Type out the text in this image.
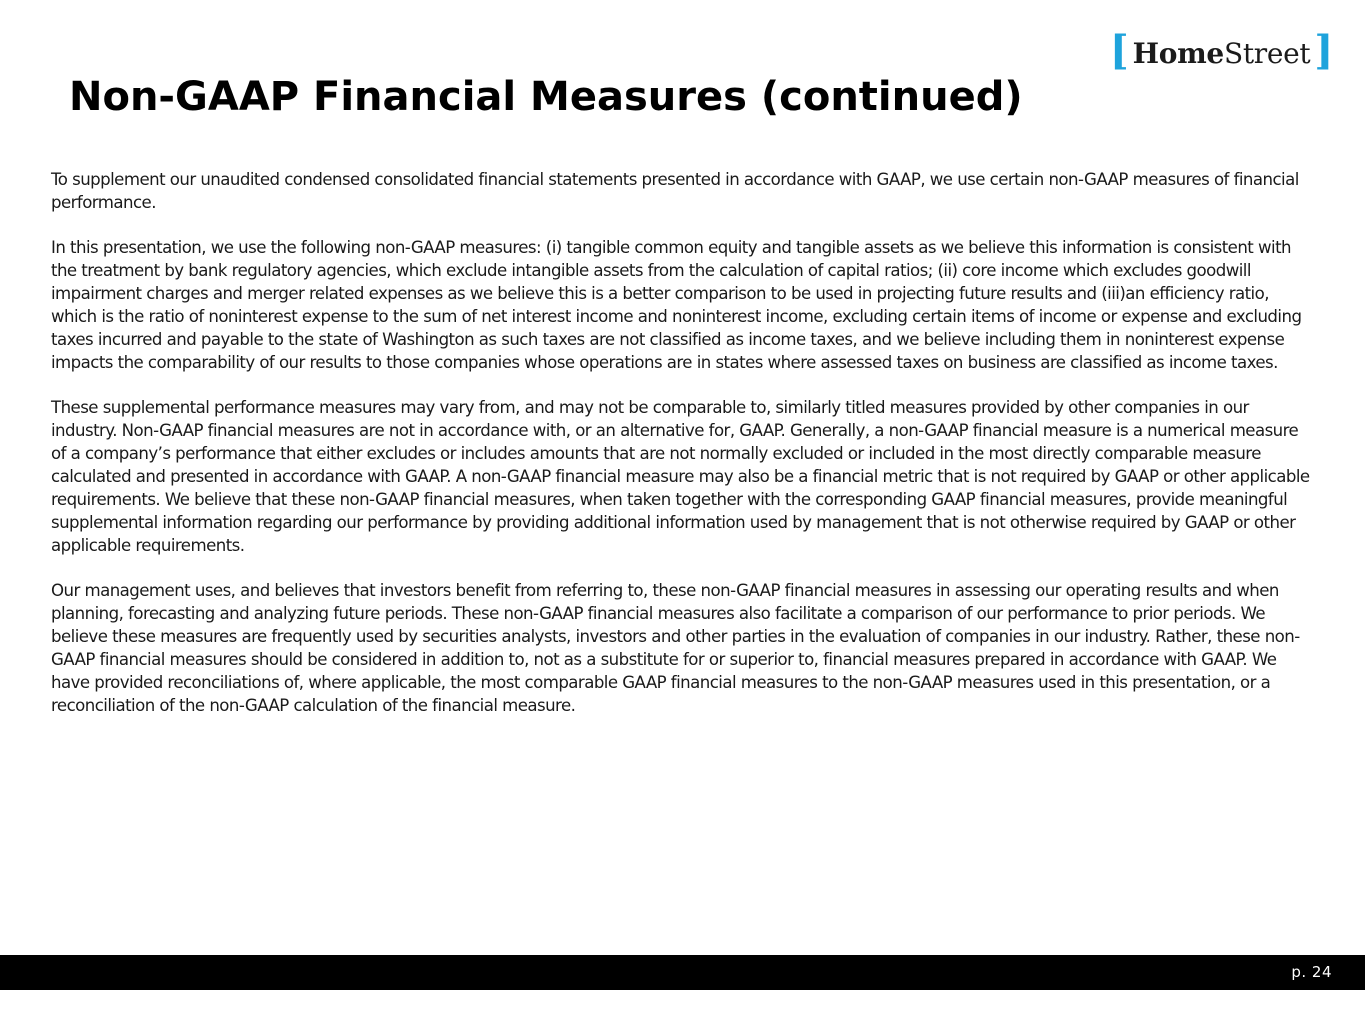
[ Home Street ]
Non-GAAP Financial Measures (continued)

To supplement our unaudited condensed consolidated financial statements presented in accordance with GAAP, we use certain non-GAAP measures of financial performance.

In this presentation, we use the following non-GAAP measures: (i) tangible common equity and tangible assets as we believe this information is consistent with the treatment by bank regulatory agencies, which exclude intangible assets from the calculation of capital ratios; (ii) core income which excludes goodwill impairment charges and merger related expenses as we believe this is a better comparison to be used in projecting future results and (iii)an efficiency ratio, which is the ratio of noninterest expense to the sum of net interest income and noninterest income, excluding certain items of income or expense and excluding taxes incurred and payable to the state of Washington as such taxes are not classified as income taxes, and we believe including them in noninterest expense impacts the comparability of our results to those companies whose operations are in states where assessed taxes on business are classified as income taxes.

These supplemental performance measures may vary from, and may not be comparable to, similarly titled measures provided by other companies in our industry. Non-GAAP financial measures are not in accordance with, or an alternative for, GAAP. Generally, a non-GAAP financial measure is a numerical measure of a company’s performance that either excludes or includes amounts that are not normally excluded or included in the most directly comparable measure calculated and presented in accordance with GAAP. A non-GAAP financial measure may also be a financial metric that is not required by GAAP or other applicable requirements. We believe that these non-GAAP financial measures, when taken together with the corresponding GAAP financial measures, provide meaningful supplemental information regarding our performance by providing additional information used by management that is not otherwise required by GAAP or other applicable requirements.

Our management uses, and believes that investors benefit from referring to, these non-GAAP financial measures in assessing our operating results and when planning, forecasting and analyzing future periods. These non-GAAP financial measures also facilitate a comparison of our performance to prior periods. We believe these measures are frequently used by securities analysts, investors and other parties in the evaluation of companies in our industry. Rather, these non-GAAP financial measures should be considered in addition to, not as a substitute for or superior to, financial measures prepared in accordance with GAAP. We have provided reconciliations of, where applicable, the most comparable GAAP financial measures to the non-GAAP measures used in this presentation, or a reconciliation of the non-GAAP calculation of the financial measure.

p. 24
